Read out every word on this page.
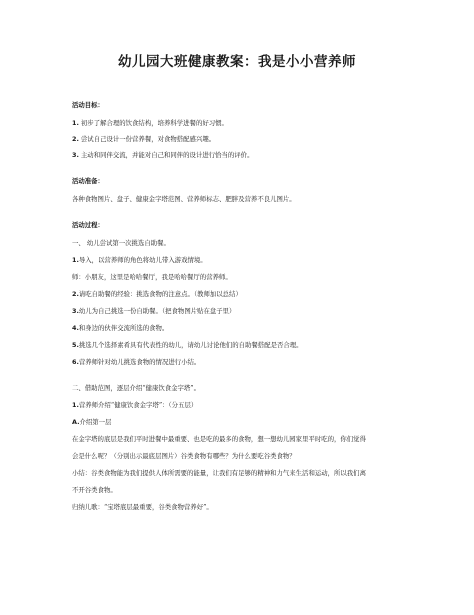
幼儿园大班健康教案：我是小小营养师
活动目标：
1. 初步了解合理的饮食结构，培养科学进餐的好习惯。
2. 尝试自己设计一份营养餐，对食物搭配感兴趣。
3. 主动和同伴交流，并能对自己和同伴的设计进行恰当的评价。
活动准备：
各种食物图片、盘子、健康金字塔范图、营养师标志、肥胖及营养不良儿图片。
活动过程：
一、 幼儿尝试第一次挑选自助餐。
1.导入，以营养师的角色将幼儿带入游戏情境。
师：小朋友，这里是哈哈餐厅，我是哈哈餐厅的营养师。
2.请吃自助餐的经验：挑选食物的注意点。（教师加以总结）
3.幼儿为自己挑选一份自助餐。（把食物图片贴在盘子里）
4.和身边的伙伴交流所选的食物。
5.挑选几个选择素肴具有代表性的幼儿，请幼儿讨论他们的自助餐搭配是否合理。
6.营养师针对幼儿挑选食物的情况进行小结。
二、借助范图，逐层介绍“健康饮食金字塔”。
1.营养师介绍“健康饮食金字塔”：（分五层）
A.介绍第一层
在金字塔的底层是我们平时进餐中最重要、也是吃的最多的食物，想一想幼儿园家里平时吃的，你们觉得
会是什么呢？（分别出示最底层图片）谷类食物有哪些？为什么要吃谷类食物？
小结：谷类食物能为我们提供人体所需要的能量，让我们有足够的精神和力气来生活和运动，所以我们离
不开谷类食物。
归纳儿歌：“宝塔底层最重要，谷类食物营养好”。
